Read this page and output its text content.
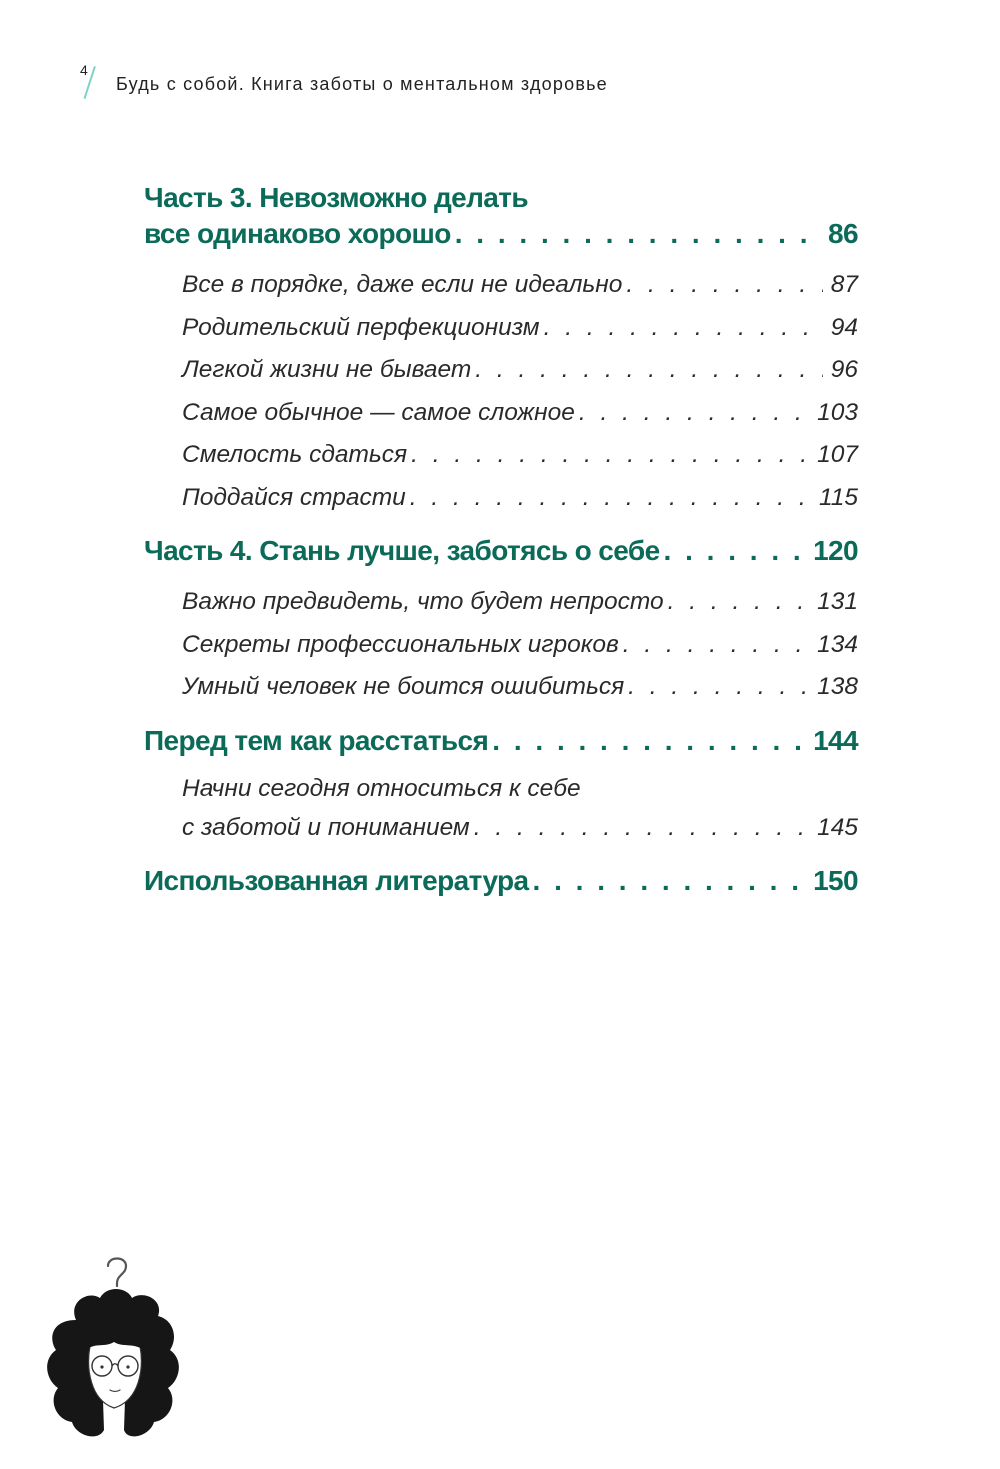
4
Будь с собой. Книга заботы о ментальном здоровье
Часть 3. Невозможно делать
все одинаково хорошо . . .	86
Все в порядке, даже если не идеально . . .	87
Родительский перфекционизм . . .	94
Легкой жизни не бывает . . .	96
Самое обычное — самое сложное . . .	103
Смелость сдаться . . .	107
Поддайся страсти . . .	115
Часть 4. Стань лучше, заботясь о себе . . .	120
Важно предвидеть, что будет непросто . . .	131
Секреты профессиональных игроков . . .	134
Умный человек не боится ошибиться . . .	138
Перед тем как расстаться . . .	144
Начни сегодня относиться к себе
с заботой и пониманием . . .	145
Использованная литература . . .	150
